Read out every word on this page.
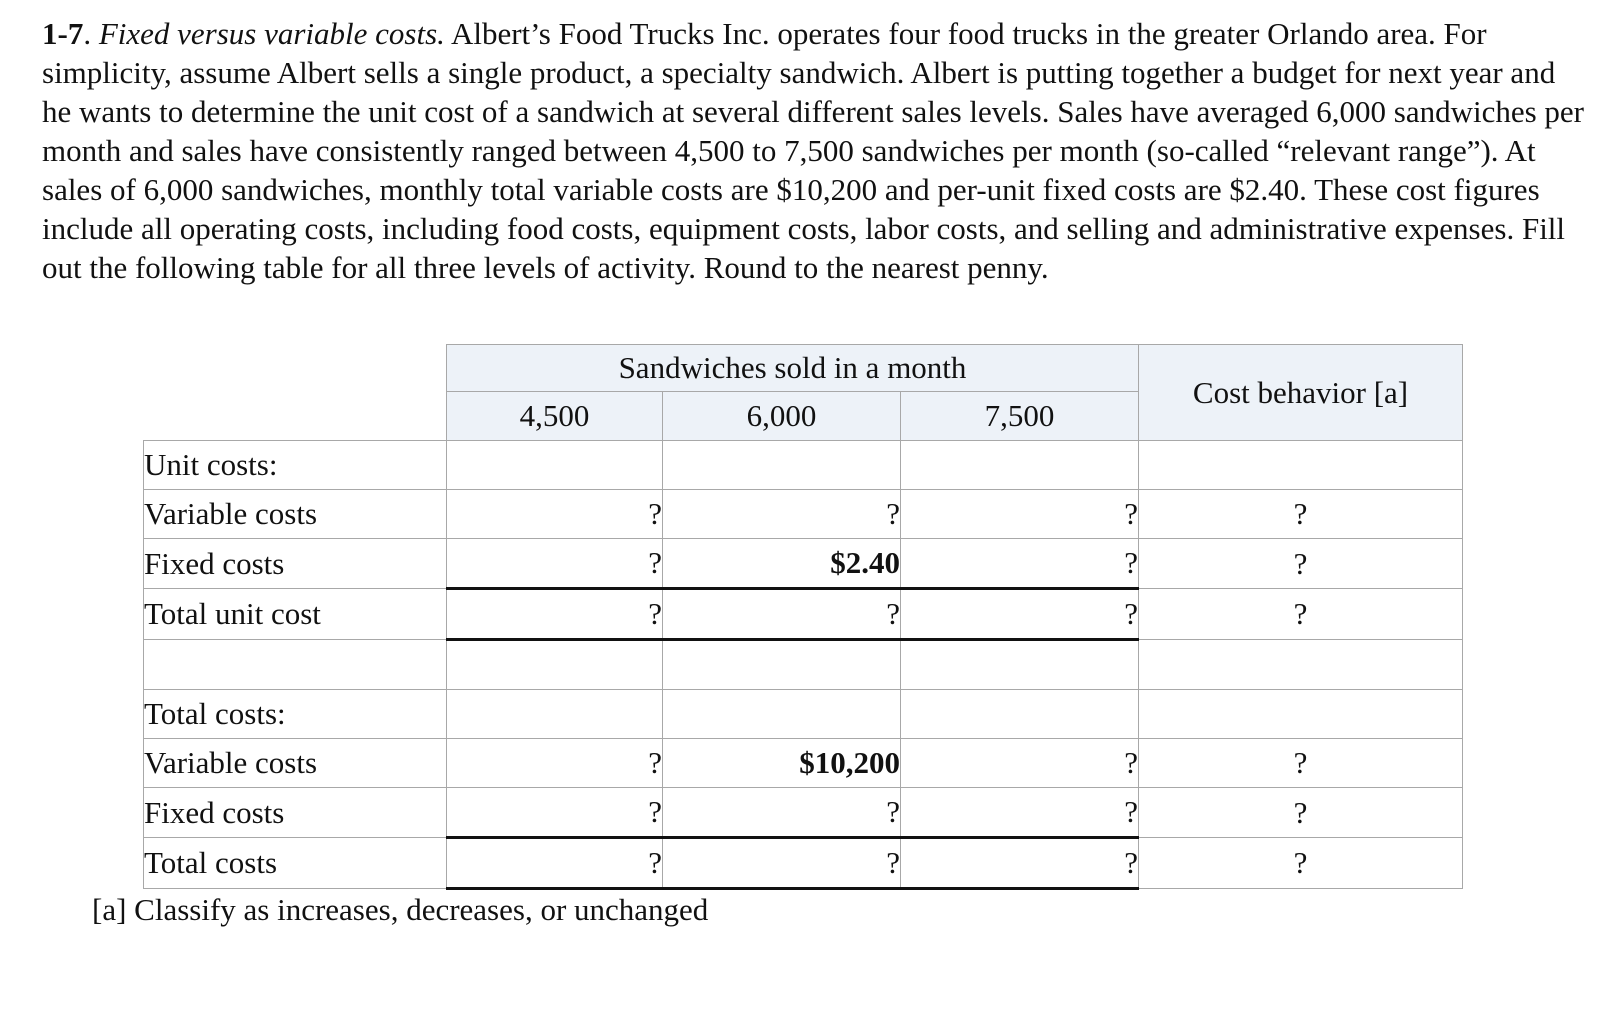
1-7. Fixed versus variable costs. Albert’s Food Trucks Inc. operates four food trucks in the greater Orlando area. For simplicity, assume Albert sells a single product, a specialty sandwich. Albert is putting together a budget for next year and he wants to determine the unit cost of a sandwich at several different sales levels. Sales have averaged 6,000 sandwiches per month and sales have consistently ranged between 4,500 to 7,500 sandwiches per month (so-called “relevant range”). At sales of 6,000 sandwiches, monthly total variable costs are $10,200 and per-unit fixed costs are $2.40. These cost figures include all operating costs, including food costs, equipment costs, labor costs, and selling and administrative expenses. Fill out the following table for all three levels of activity. Round to the nearest penny.
	Sandwiches sold in a month			Cost behavior [a]
	4,500	6,000	7,500	
Unit costs:				
Variable costs	?	?	?	?
Fixed costs	?	$2.40	?	?
Total unit cost	?	?	?	?

Total costs:				
Variable costs	?	$10,200	?	?
Fixed costs	?	?	?	?
Total costs	?	?	?	?
[a] Classify as increases, decreases, or unchanged
